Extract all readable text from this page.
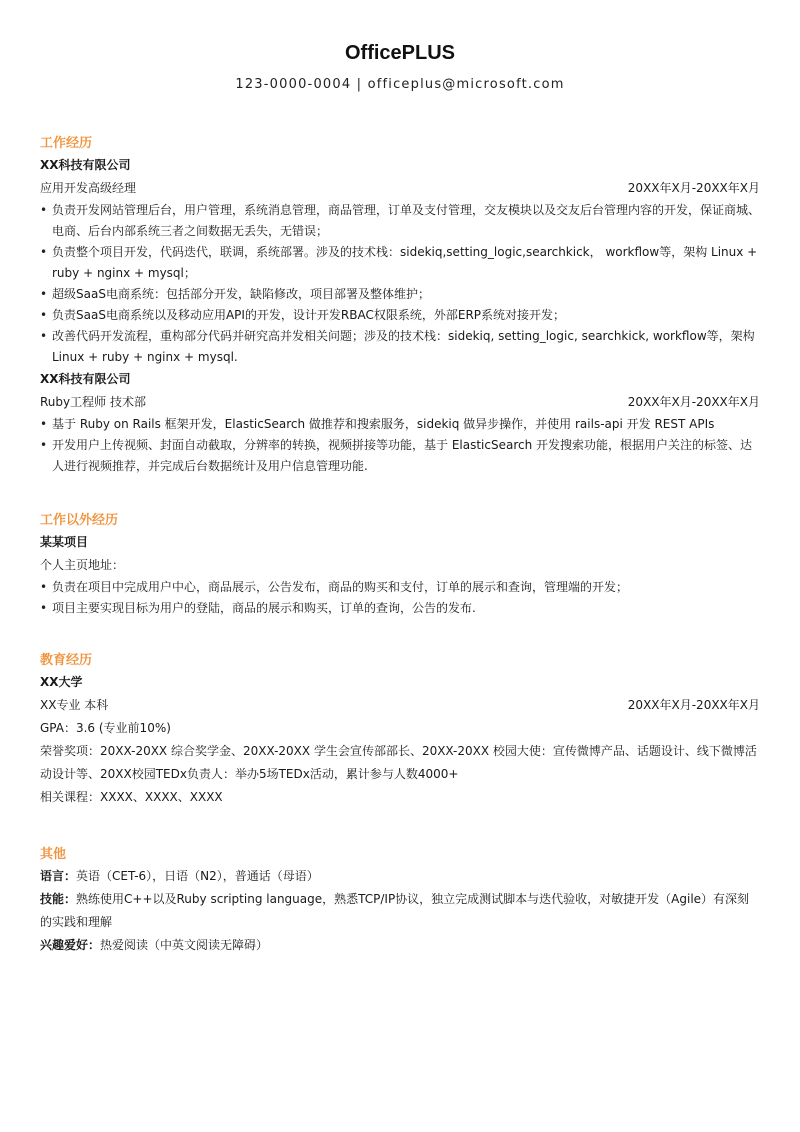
OfficePLUS
123-0000-0004 | officeplus@microsoft.com
工作经历
XX科技有限公司
应用开发高级经理	20XX年X月-20XX年X月
• 负责开发网站管理后台，用户管理，系统消息管理，商品管理，订单及支付管理，交友模块以及交友后台管理内容的开发，保证商城、电商、后台内部系统三者之间数据无丢失，无错误；
• 负责整个项目开发，代码迭代，联调，系统部署。涉及的技术栈：sidekiq,setting_logic,searchkick， workflow等，架构 Linux + ruby + nginx + mysql；
• 超级SaaS电商系统：包括部分开发，缺陷修改，项目部署及整体维护；
• 负责SaaS电商系统以及移动应用API的开发，设计开发RBAC权限系统，外部ERP系统对接开发；
• 改善代码开发流程，重构部分代码并研究高并发相关问题；涉及的技术栈：sidekiq, setting_logic, searchkick, workflow等，架构 Linux + ruby + nginx + mysql.
XX科技有限公司
Ruby工程师 技术部	20XX年X月-20XX年X月
• 基于 Ruby on Rails 框架开发，ElasticSearch 做推荐和搜索服务，sidekiq 做异步操作，并使用 rails-api 开发 REST APIs
• 开发用户上传视频、封面自动截取，分辨率的转换，视频拼接等功能，基于 ElasticSearch 开发搜索功能，根据用户关注的标签、达人进行视频推荐，并完成后台数据统计及用户信息管理功能.
工作以外经历
某某项目
个人主页地址：
• 负责在项目中完成用户中心，商品展示，公告发布，商品的购买和支付，订单的展示和查询，管理端的开发；
• 项目主要实现目标为用户的登陆，商品的展示和购买，订单的查询，公告的发布.
教育经历
XX大学
XX专业 本科	20XX年X月-20XX年X月
GPA：3.6 (专业前10%)
荣誉奖项：20XX-20XX 综合奖学金、20XX-20XX 学生会宣传部部长、20XX-20XX 校园大使：宣传微博产品、话题设计、线下微博活动设计等、20XX校园TEDx负责人：举办5场TEDx活动，累计参与人数4000+
相关课程：XXXX、XXXX、XXXX
其他
语言：英语（CET-6），日语（N2），普通话（母语）
技能：熟练使用C++以及Ruby scripting language，熟悉TCP/IP协议，独立完成测试脚本与迭代验收，对敏捷开发（Agile）有深刻的实践和理解
兴趣爱好：热爱阅读（中英文阅读无障碍）
